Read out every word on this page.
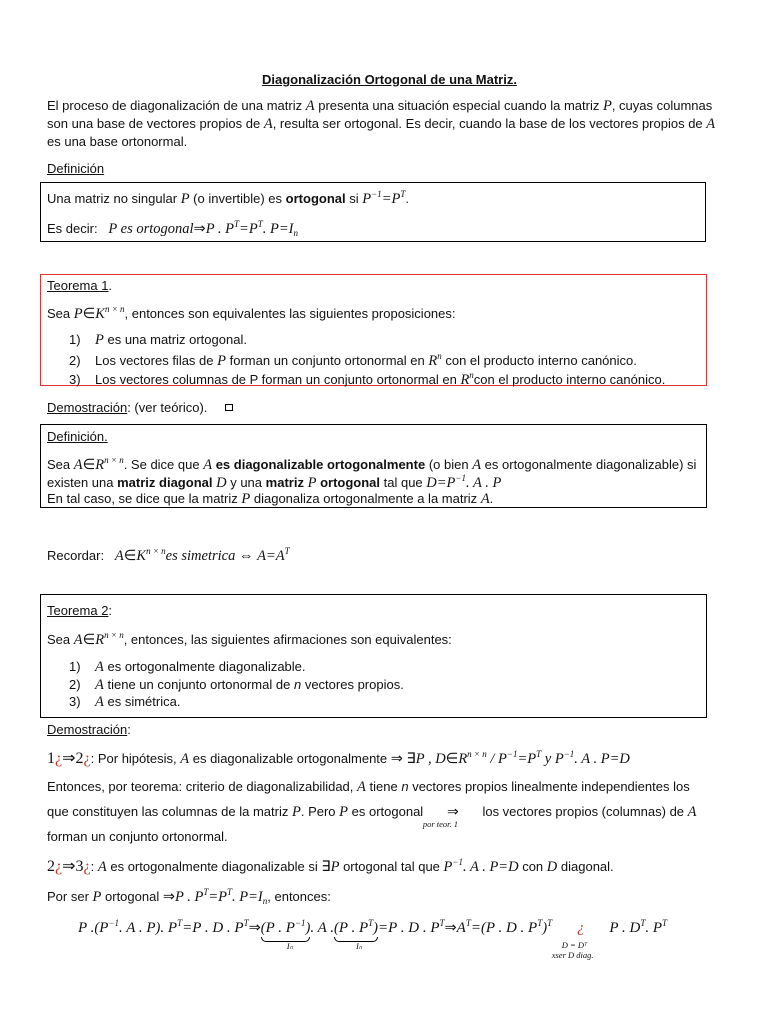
Diagonalización Ortogonal de una Matriz.
El proceso de diagonalización de una matriz A presenta una situación especial cuando la matriz P, cuyas columnas
son una base de vectores propios de A, resulta ser ortogonal. Es decir, cuando la base de los vectores propios de A
es una base ortonormal.
Definición
Una matriz no singular P (o invertible) es ortogonal si $P^{-1}=P^T$.
Es decir: P es ortogonal⇒P . $P^T=P^T$. $P=I_n$
Teorema 1.
Sea $P\in K^{n \times n}$, entonces son equivalentes las siguientes proposiciones:
1) P es una matriz ortogonal.
2) Los vectores filas de P forman un conjunto ortonormal en $R^n$ con el producto interno canónico.
3) Los vectores columnas de P forman un conjunto ortonormal en $R^ncon$ el producto interno canónico.
Demostración: (ver teórico).
Definición.
Sea $A\in R^{n \times n}$. Se dice que A es diagonalizable ortogonalmente (o bien A es ortogonalmente diagonalizable) si
existen una matriz diagonal D y una matriz P ortogonal tal que $D=P^{-1}$. A . P
En tal caso, se dice que la matriz P diagonaliza ortogonalmente a la matriz A.
Recordar: $A\in K^{n \times n}es$ simetrica ⇔ $A=A^T$
Teorema 2:
Sea $A\in R^{n \times n}$, entonces, las siguientes afirmaciones son equivalentes:
1) A es ortogonalmente diagonalizable.
2) A tiene un conjunto ortonormal de n vectores propios.
3) A es simétrica.
Demostración:
1¿⇒2¿: Por hipótesis, A es diagonalizable ortogonalmente ⇒ ∃P , $D\in R^{n \times n} / P^{-1}=P^T$ y $P^{-1}$. A . P=D
Entonces, por teorema: criterio de diagonalizabilidad, A tiene n vectores propios linealmente independientes los
que constituyen las columnas de la matriz P. Pero P es ortogonal ⇒
por teor. 1
los vectores propios (columnas) de A
forman un conjunto ortonormal.
2¿⇒3¿: A es ortogonalmente diagonalizable si ∃P ortogonal tal que $P^{-1}$. A . P=D con D diagonal.
Por ser P ortogonal ⇒P . $P^T=P^T$. $P=I_n$, entonces:
P $.(P^{-1}$. A . P). $P^T=P$ . D . $P^T\Rightarrow(P$ . $P^{-1}$)
Iₙ
. A .(P . $P^T$)
Iₙ
=P . D . $P^T\Rightarrow A^T=(P$ . D . $P^T)^T$ ¿
D = Dᵀ
xser D diag.
P . $D^T$. $P^T$
